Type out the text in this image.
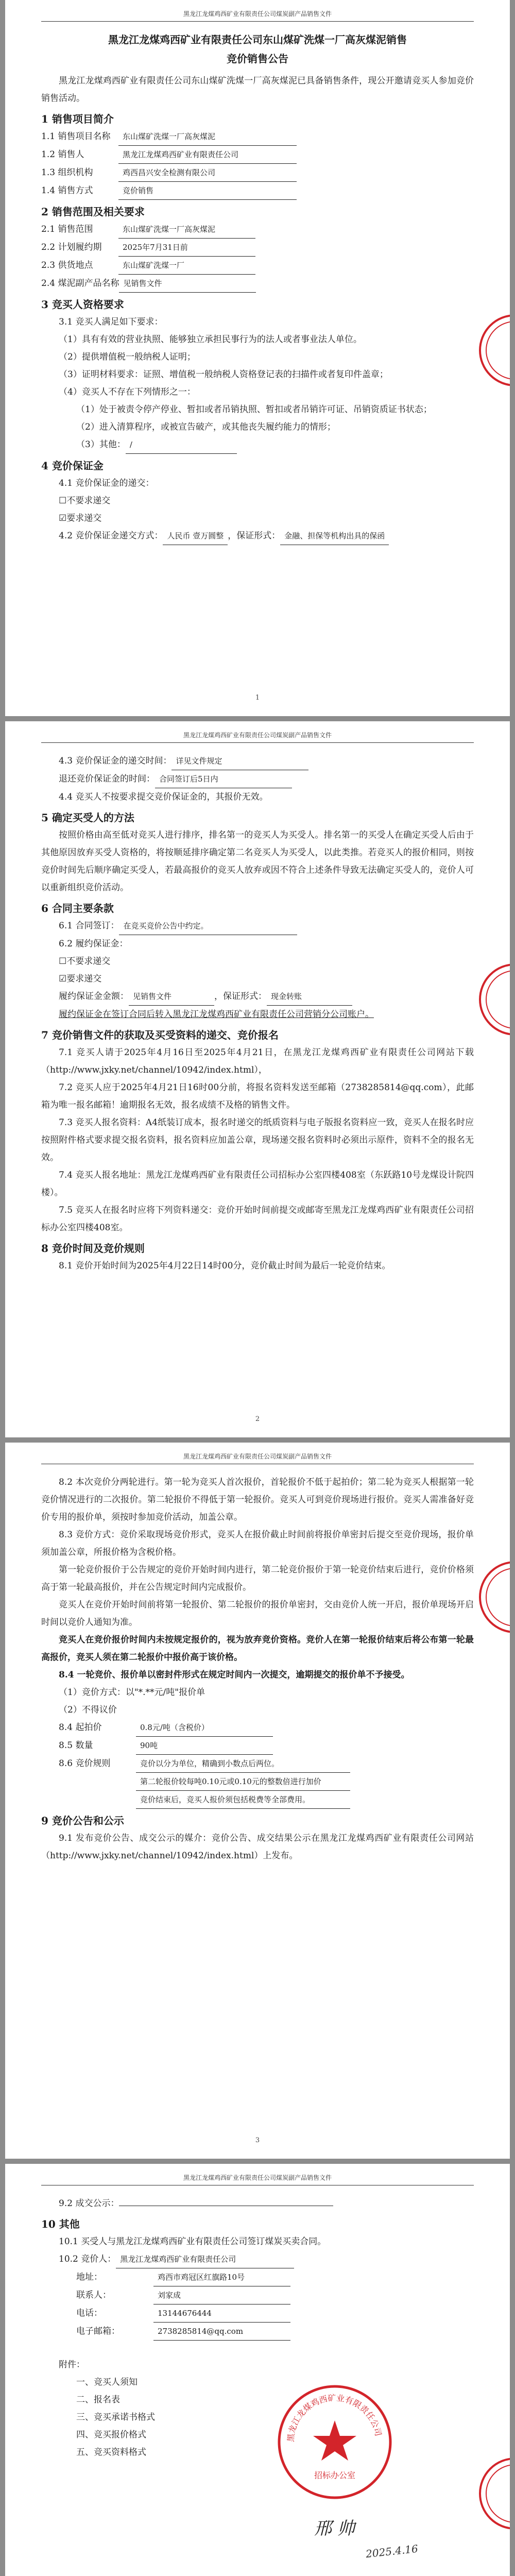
黑龙江龙煤鸡西矿业有限责任公司煤炭副产品销售文件
黑龙江龙煤鸡西矿业有限责任公司东山煤矿洗煤一厂高灰煤泥销售
竞价销售公告
黑龙江龙煤鸡西矿业有限责任公司东山煤矿洗煤一厂高灰煤泥已具备销售条件，现公开邀请竞买人参加竞价销售活动。
1 销售项目简介
1.1 销售项目名称	东山煤矿洗煤一厂高灰煤泥
1.2 销售人	黑龙江龙煤鸡西矿业有限责任公司
1.3 组织机构	鸡西昌兴安全检测有限公司
1.4 销售方式	竞价销售
2 销售范围及相关要求
2.1 销售范围	东山煤矿洗煤一厂高灰煤泥
2.2 计划履约期	2025年7月31日前
2.3 供货地点	东山煤矿洗煤一厂
2.4 煤泥副产品名称 见销售文件
3 竞买人资格要求
3.1 竞买人满足如下要求：
（1）具有有效的营业执照、能够独立承担民事行为的法人或者事业法人单位。
（2）提供增值税一般纳税人证明；
（3）证明材料要求：证照、增值税一般纳税人资格登记表的扫描件或者复印件盖章；
（4）竞买人不存在下列情形之一：
（1）处于被责令停产停业、暂扣或者吊销执照、暂扣或者吊销许可证、吊销资质证书状态；
（2）进入清算程序，或被宣告破产，或其他丧失履约能力的情形；
（3）其他： /
4 竞价保证金
4.1 竞价保证金的递交：
☐不要求递交
☑要求递交
4.2 竞价保证金递交方式： 人民币 壹万圆整 ，保证形式： 金融、担保等机构出具的保函
1
黑龙江龙煤鸡西矿业有限责任公司煤炭副产品销售文件
4.3 竞价保证金的递交时间： 详见文件规定
退还竞价保证金的时间： 合同签订后5日内
4.4 竞买人不按要求提交竞价保证金的，其报价无效。
5 确定买受人的方法
按照价格由高至低对竞买人进行排序，排名第一的竞买人为买受人。排名第一的买受人在确定买受人后由于其他原因放弃买受人资格的，将按顺延排序确定第二名竞买人为买受人，以此类推。若竞买人的报价相同，则按竞价时间先后顺序确定买受人，若最高报价的竞买人放弃或因不符合上述条件导致无法确定买受人的，竞价人可以重新组织竞价活动。
6 合同主要条款
6.1 合同签订： 在竞买竞价公告中约定。
6.2 履约保证金：
☐不要求递交
☑要求递交
履约保证金金额： 见销售文件	，保证形式： 现金转账
履约保证金在签订合同后转入黑龙江龙煤鸡西矿业有限责任公司营销分公司账户。
7 竞价销售文件的获取及买受资料的递交、竞价报名
7.1 竞买人请于2025年4月16日至2025年4月21日，在黑龙江龙煤鸡西矿业有限责任公司网站下载（http://www.jxky.net/channel/10942/index.html），
7.2 竞买人应于2025年4月21日16时00分前，将报名资料发送至邮箱（2738285814@qq.com），此邮箱为唯一报名邮箱！逾期报名无效，报名成绩不及格的销售文件。
7.3 竞买人报名资料：A4纸装订成本，报名时递交的纸质资料与电子版报名资料应一致，竞买人在报名时应按照附件格式要求提交报名资料，报名资料应加盖公章，现场递交报名资料时必须出示原件，资料不全的报名无效。
7.4 竞买人报名地址：黑龙江龙煤鸡西矿业有限责任公司招标办公室四楼408室（东跃路10号龙煤设计院四楼）。
7.5 竞买人在报名时应将下列资料递交：竞价开始时间前提交或邮寄至黑龙江龙煤鸡西矿业有限责任公司招标办公室四楼408室。
8 竞价时间及竞价规则
8.1 竞价开始时间为2025年4月22日14时00分，竞价截止时间为最后一轮竞价结束。
2
黑龙江龙煤鸡西矿业有限责任公司煤炭副产品销售文件
8.2 本次竞价分两轮进行。第一轮为竞买人首次报价，首轮报价不低于起拍价；第二轮为竞买人根据第一轮竞价情况进行的二次报价。第二轮报价不得低于第一轮报价。竞买人可到竞价现场进行报价。竞买人需准备好竞价专用的报价单，须按时参加竞价活动，加盖公章。
8.3 竞价方式：竞价采取现场竞价形式，竞买人在报价截止时间前将报价单密封后提交至竞价现场，报价单须加盖公章，所报价格为含税价格。
第一轮竞价报价于公告规定的竞价开始时间内进行，第二轮竞价报价于第一轮竞价结束后进行，竞价价格须高于第一轮最高报价，并在公告规定时间内完成报价。
竞买人在竞价开始时间前将第一轮报价、第二轮报价的报价单密封，交由竞价人统一开启，报价单现场开启时间以竞价人通知为准。
竞买人在竞价报价时间内未按规定报价的，视为放弃竞价资格。竞价人在第一轮报价结束后将公布第一轮最高报价，竞买人须在第二轮报价中报价高于该价格。
8.4 一轮竞价、报价单以密封件形式在规定时间内一次提交，逾期提交的报价单不予接受。
（1）竞价方式：以"*.**元/吨"报价单
（2）不得议价
8.4 起拍价	0.8元/吨（含税价）
8.5 数量	90吨
8.6 竞价规则	竞价以分为单位，精确到小数点后两位。
第二轮报价较每吨0.10元或0.10元的整数倍进行加价
竞价结束后，竞买人报价须包括税费等全部费用。
9 竞价公告和公示
9.1 发布竞价公告、成交公示的媒介：竞价公告、成交结果公示在黑龙江龙煤鸡西矿业有限责任公司网站（http://www.jxky.net/channel/10942/index.html）上发布。
3
黑龙江龙煤鸡西矿业有限责任公司煤炭副产品销售文件
9.2 成交公示：
10 其他
10.1 买受人与黑龙江龙煤鸡西矿业有限责任公司签订煤炭买卖合同。
10.2 竞价人： 黑龙江龙煤鸡西矿业有限责任公司
地址：	鸡西市鸡冠区红旗路10号
联系人：	刘家成
电话：	13144676444
电子邮箱：	2738285814@qq.com
附件：
一、竞买人须知
二、报名表
三、竞买承诺书格式
四、竞买报价格式
五、竞买资料格式
黑龙江龙煤鸡西矿业有限责任公司
招标办公室
邢 帅
2025.4.16
